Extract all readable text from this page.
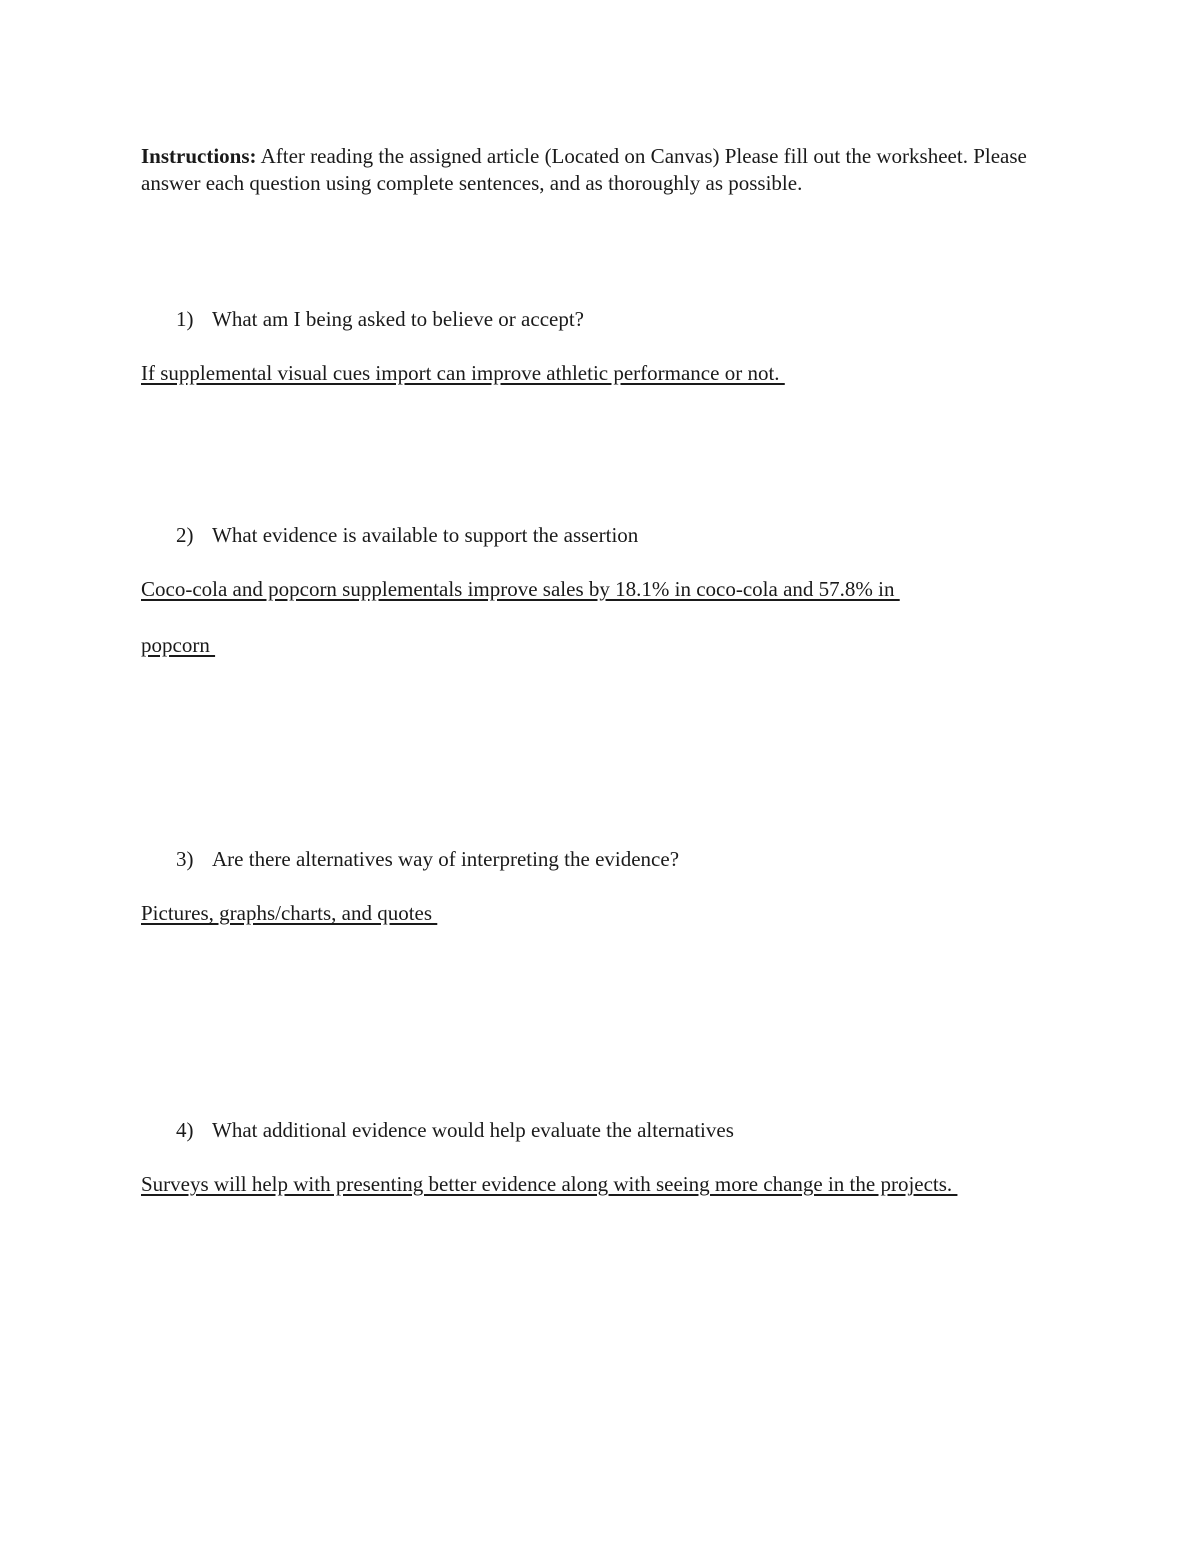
Instructions: After reading the assigned article (Located on Canvas) Please fill out the worksheet. Please answer each question using complete sentences, and as thoroughly as possible.
1) What am I being asked to believe or accept?
If supplemental visual cues import can improve athletic performance or not.
2) What evidence is available to support the assertion
Coco-cola and popcorn supplementals improve sales by 18.1% in coco-cola and 57.8% in
popcorn
3) Are there alternatives way of interpreting the evidence?
Pictures, graphs/charts, and quotes
4) What additional evidence would help evaluate the alternatives
Surveys will help with presenting better evidence along with seeing more change in the projects.
